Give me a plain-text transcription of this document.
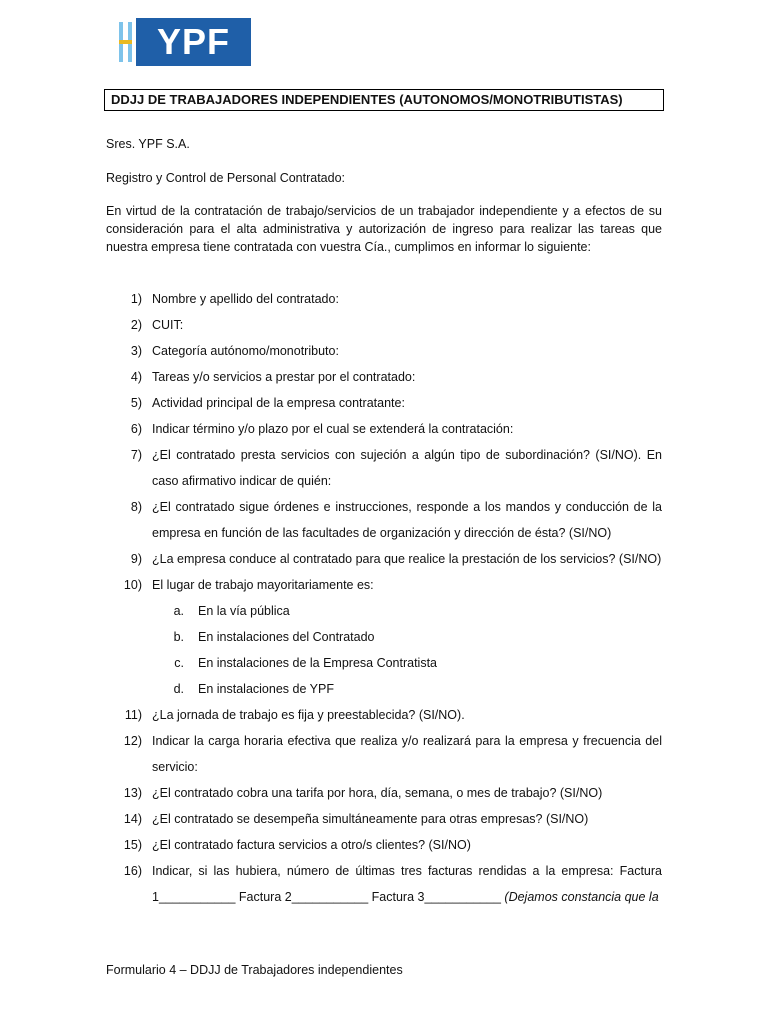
YPF
DDJJ DE TRABAJADORES INDEPENDIENTES (AUTONOMOS/MONOTRIBUTISTAS)
Sres. YPF S.A.
Registro y Control de Personal Contratado:
En virtud de la contratación de trabajo/servicios de un trabajador independiente y a efectos de su consideración para el alta administrativa y autorización de ingreso para realizar las tareas que nuestra empresa tiene contratada con vuestra Cía., cumplimos en informar lo siguiente:
1) Nombre y apellido del contratado:
2) CUIT:
3) Categoría autónomo/monotributo:
4) Tareas y/o servicios a prestar por el contratado:
5) Actividad principal de la empresa contratante:
6) Indicar término y/o plazo por el cual se extenderá la contratación:
7) ¿El contratado presta servicios con sujeción a algún tipo de subordinación? (SI/NO). En caso afirmativo indicar de quién:
8) ¿El contratado sigue órdenes e instrucciones, responde a los mandos y conducción de la empresa en función de las facultades de organización y dirección de ésta? (SI/NO)
9) ¿La empresa conduce al contratado para que realice la prestación de los servicios? (SI/NO)
10) El lugar de trabajo mayoritariamente es:
a. En la vía pública
b. En instalaciones del Contratado
c. En instalaciones de la Empresa Contratista
d. En instalaciones de YPF
11) ¿La jornada de trabajo es fija y preestablecida? (SI/NO).
12) Indicar la carga horaria efectiva que realiza y/o realizará para la empresa y frecuencia del servicio:
13) ¿El contratado cobra una tarifa por hora, día, semana, o mes de trabajo? (SI/NO)
14) ¿El contratado se desempeña simultáneamente para otras empresas? (SI/NO)
15) ¿El contratado factura servicios a otro/s clientes? (SI/NO)
16) Indicar, si las hubiera, número de últimas tres facturas rendidas a la empresa: Factura 1___________ Factura 2___________ Factura 3___________ (Dejamos constancia que la
Formulario 4 – DDJJ de Trabajadores independientes
